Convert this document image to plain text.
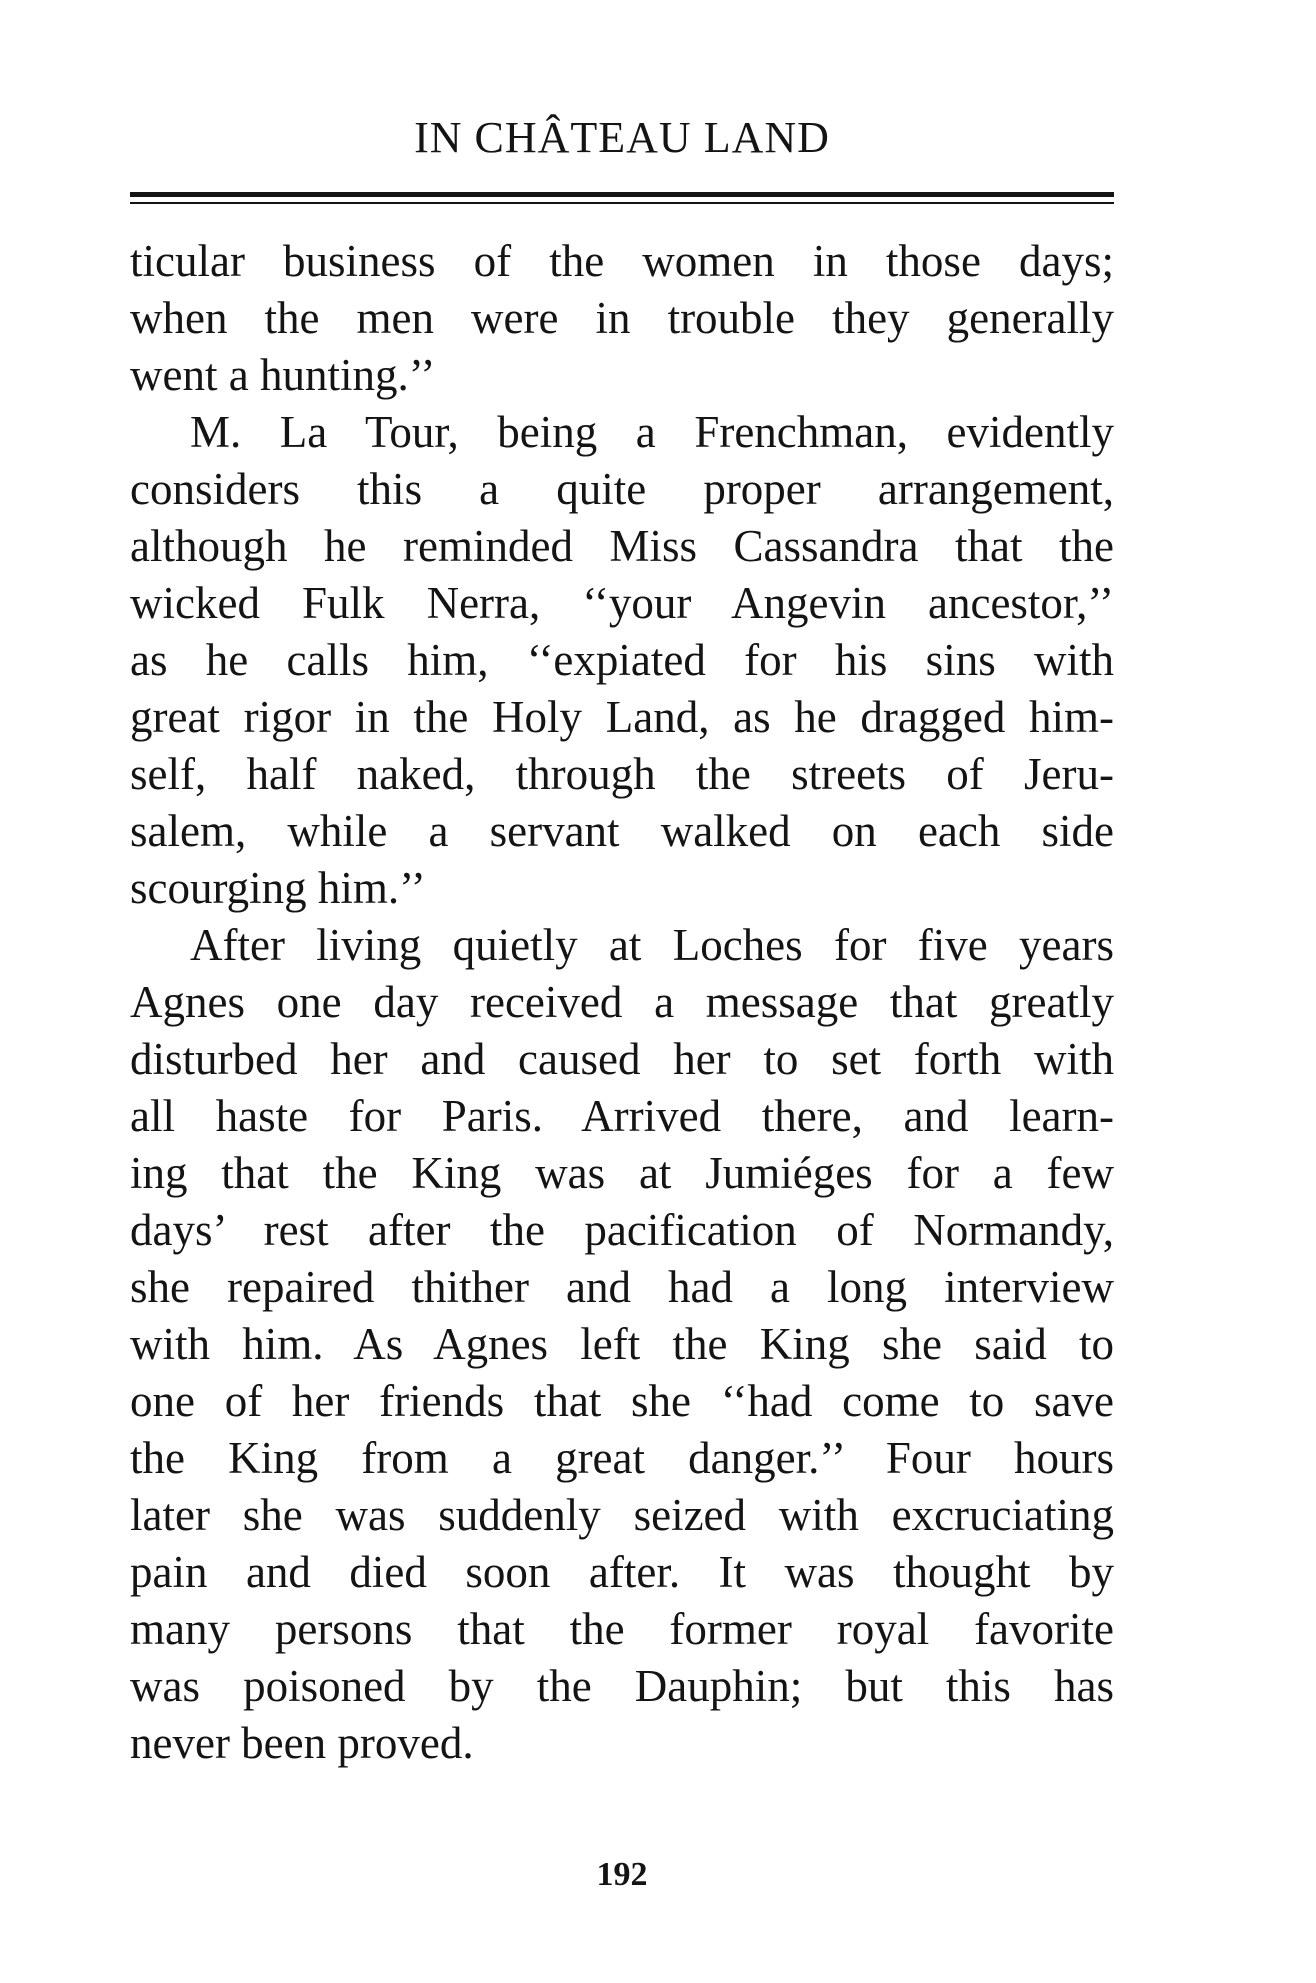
IN CHÂTEAU LAND

ticular business of the women in those days;
when the men were in trouble they generally
went a hunting.’’

M. La Tour, being a Frenchman, evidently
considers this a quite proper arrangement,
although he reminded Miss Cassandra that the
wicked Fulk Nerra, ‘‘your Angevin ancestor,’’
as he calls him, ‘‘expiated for his sins with
great rigor in the Holy Land, as he dragged him-
self, half naked, through the streets of Jeru-
salem, while a servant walked on each side
scourging him.’’

After living quietly at Loches for five years
Agnes one day received a message that greatly
disturbed her and caused her to set forth with
all haste for Paris. Arrived there, and learn-
ing that the King was at Jumiéges for a few
days’ rest after the pacification of Normandy,
she repaired thither and had a long interview
with him. As Agnes left the King she said to
one of her friends that she ‘‘had come to save
the King from a great danger.’’ Four hours
later she was suddenly seized with excruciating
pain and died soon after. It was thought by
many persons that the former royal favorite
was poisoned by the Dauphin; but this has
never been proved.

192
